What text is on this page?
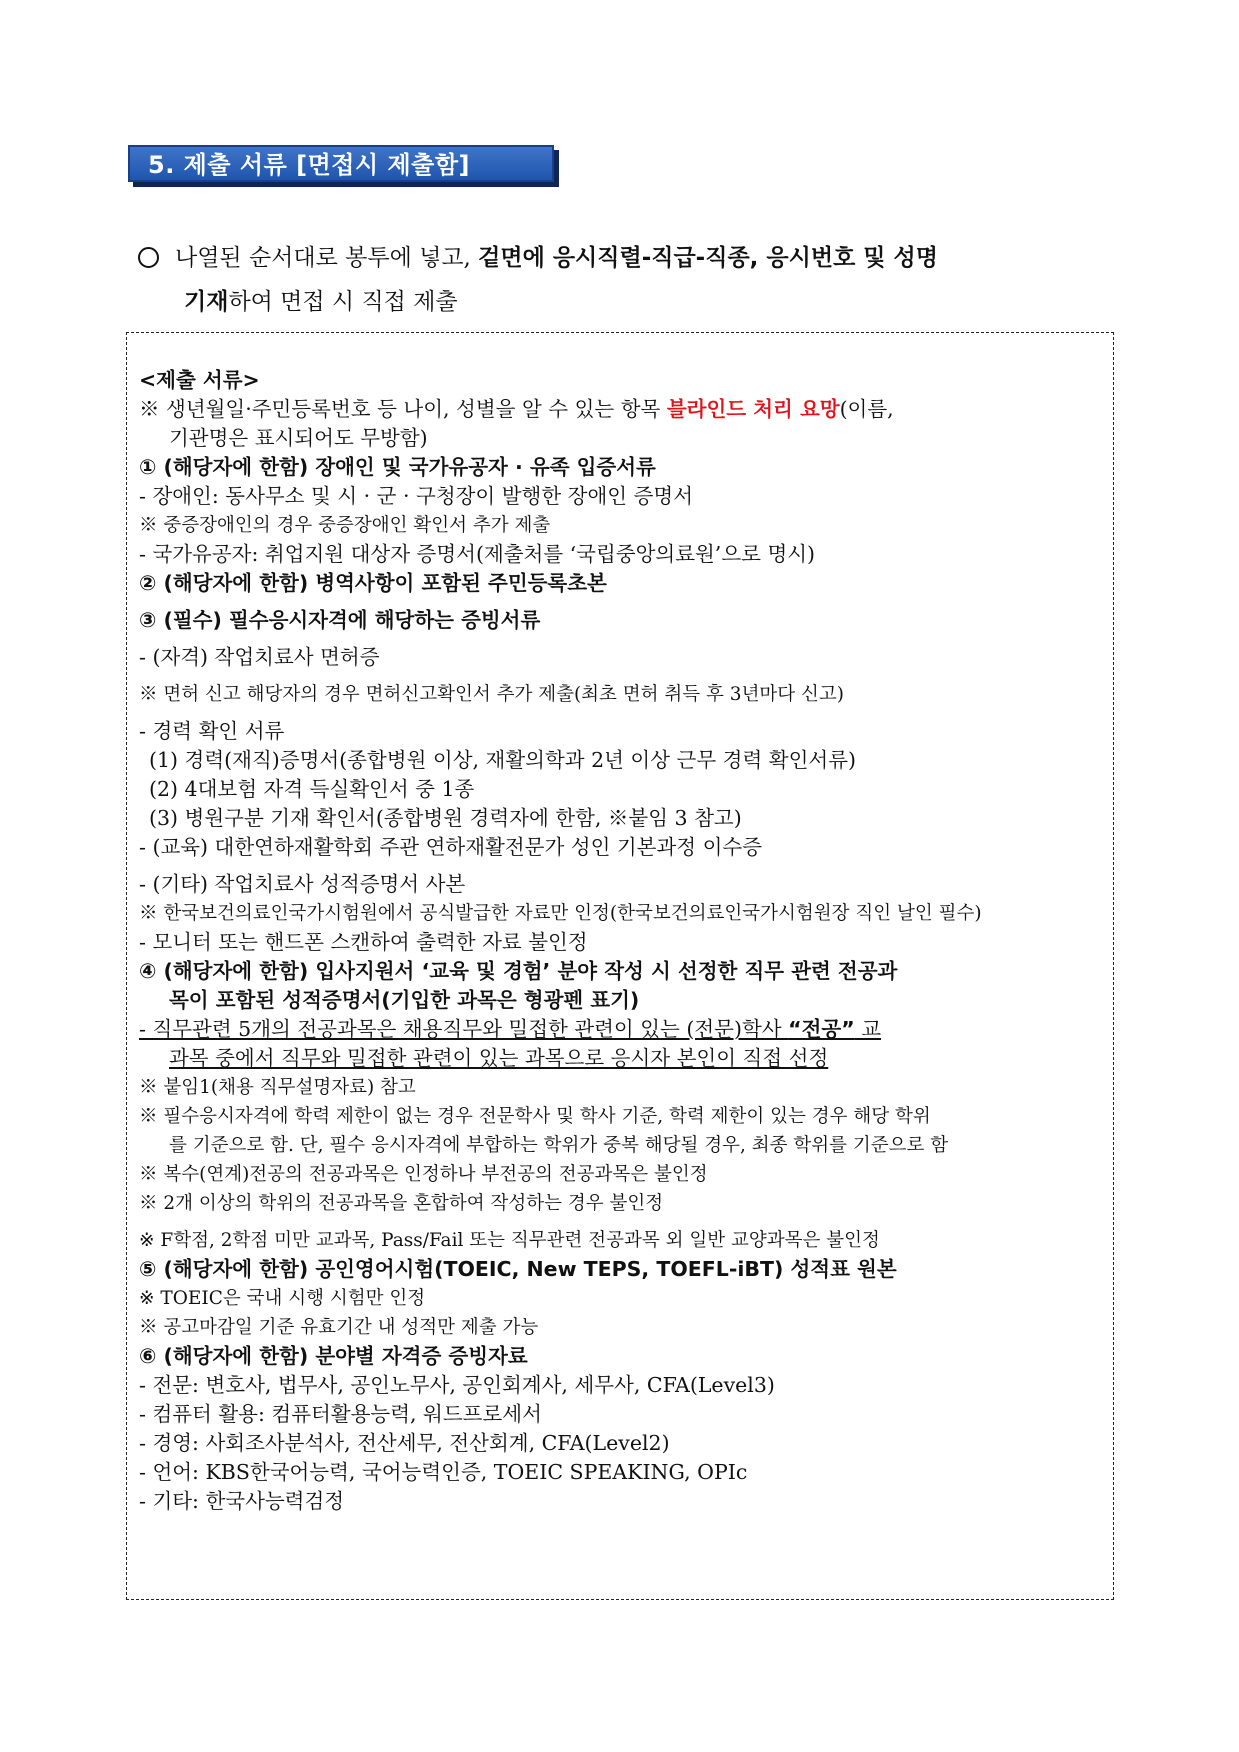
5. 제출 서류 [면접시 제출함]
나열된 순서대로 봉투에 넣고, 겉면에 응시직렬-직급-직종, 응시번호 및 성명
기재하여 면접 시 직접 제출
<제출 서류>
※ 생년월일·주민등록번호 등 나이, 성별을 알 수 있는 항목 블라인드 처리 요망(이름,
기관명은 표시되어도 무방함)
① (해당자에 한함) 장애인 및 국가유공자 · 유족 입증서류
- 장애인: 동사무소 및 시 · 군 · 구청장이 발행한 장애인 증명서
※ 중증장애인의 경우 중증장애인 확인서 추가 제출
- 국가유공자: 취업지원 대상자 증명서(제출처를 ‘국립중앙의료원’으로 명시)
② (해당자에 한함) 병역사항이 포함된 주민등록초본
③ (필수) 필수응시자격에 해당하는 증빙서류
- (자격) 작업치료사 면허증
※ 면허 신고 해당자의 경우 면허신고확인서 추가 제출(최초 면허 취득 후 3년마다 신고)
- 경력 확인 서류
(1) 경력(재직)증명서(종합병원 이상, 재활의학과 2년 이상 근무 경력 확인서류)
(2) 4대보험 자격 득실확인서 중 1종
(3) 병원구분 기재 확인서(종합병원 경력자에 한함, ※붙임 3 참고)
- (교육) 대한연하재활학회 주관 연하재활전문가 성인 기본과정 이수증
- (기타) 작업치료사 성적증명서 사본
※ 한국보건의료인국가시험원에서 공식발급한 자료만 인정(한국보건의료인국가시험원장 직인 날인 필수)
- 모니터 또는 핸드폰 스캔하여 출력한 자료 불인정
④ (해당자에 한함) 입사지원서 ‘교육 및 경험’ 분야 작성 시 선정한 직무 관련 전공과
목이 포함된 성적증명서(기입한 과목은 형광펜 표기)
- 직무관련 5개의 전공과목은 채용직무와 밀접한 관련이 있는 (전문)학사 “전공” 교
과목 중에서 직무와 밀접한 관련이 있는 과목으로 응시자 본인이 직접 선정
※ 붙임1(채용 직무설명자료) 참고
※ 필수응시자격에 학력 제한이 없는 경우 전문학사 및 학사 기준, 학력 제한이 있는 경우 해당 학위
를 기준으로 함. 단, 필수 응시자격에 부합하는 학위가 중복 해당될 경우, 최종 학위를 기준으로 함
※ 복수(연계)전공의 전공과목은 인정하나 부전공의 전공과목은 불인정
※ 2개 이상의 학위의 전공과목을 혼합하여 작성하는 경우 불인정
※ F학점, 2학점 미만 교과목, Pass/Fail 또는 직무관련 전공과목 외 일반 교양과목은 불인정
⑤ (해당자에 한함) 공인영어시험(TOEIC, New TEPS, TOEFL-iBT) 성적표 원본
※ TOEIC은 국내 시행 시험만 인정
※ 공고마감일 기준 유효기간 내 성적만 제출 가능
⑥ (해당자에 한함) 분야별 자격증 증빙자료
- 전문: 변호사, 법무사, 공인노무사, 공인회계사, 세무사, CFA(Level3)
- 컴퓨터 활용: 컴퓨터활용능력, 워드프로세서
- 경영: 사회조사분석사, 전산세무, 전산회계, CFA(Level2)
- 언어: KBS한국어능력, 국어능력인증, TOEIC SPEAKING, OPIc
- 기타: 한국사능력검정
